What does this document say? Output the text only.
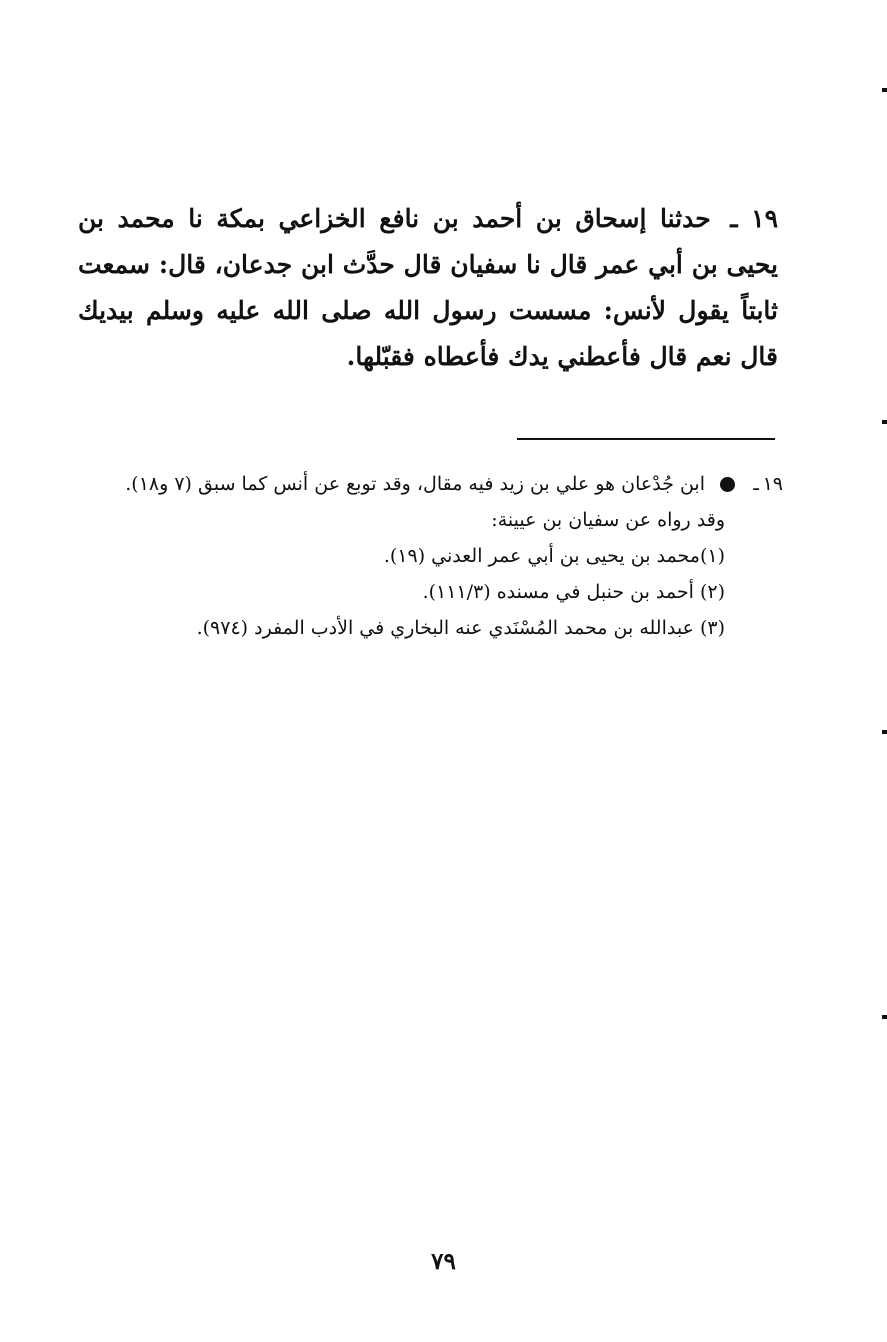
١٩ ـ حدثنا إسحاق بن أحمد بن نافع الخزاعي بمكة نا محمد بن يحيى بن أبي عمر قال نا سفيان قال حدَّث ابن جدعان، قال: سمعت ثابتاً يقول لأنس: مسست رسول الله صلى الله عليه وسلم بيديك قال نعم قال فأعطني يدك فأعطاه فقبّلها.
١٩
ـ
ابن جُدْعان هو علي بن زيد فيه مقال، وقد توبع عن أنس كما سبق (٧ و١٨).
وقد رواه عن سفيان بن عيينة:
(١)محمد بن يحيى بن أبي عمر العدني (١٩).
(٢) أحمد بن حنبل في مسنده (١١١/٣).
(٣) عبدالله بن محمد المُسْنَدي عنه البخاري في الأدب المفرد (٩٧٤).
٧٩
